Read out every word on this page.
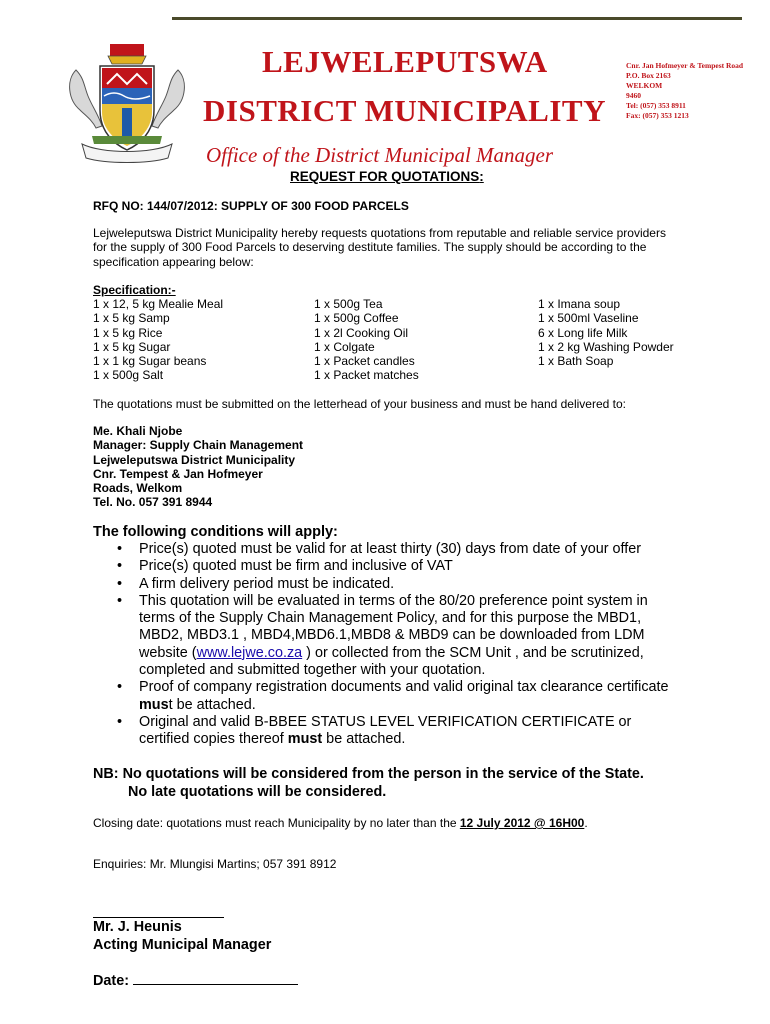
LEJWELEPUTSWA
DISTRICT MUNICIPALITY
Cnr. Jan Hofmeyer & Tempest Road
P.O. Box 2163
WELKOM
9460
Tel: (057) 353 8911
Fax: (057) 353 1213
Office of the District Municipal Manager
REQUEST FOR QUOTATIONS:
RFQ NO: 144/07/2012: SUPPLY OF 300 FOOD PARCELS
Lejweleputswa District Municipality hereby requests quotations from reputable and reliable service providers
for the supply of 300 Food Parcels to deserving destitute families. The supply should be according to the
specification appearing below:
Specification:-
1 x 12, 5 kg Mealie Meal
1 x 5 kg Samp
1 x 5 kg Rice
1 x 5 kg Sugar
1 x 1 kg Sugar beans
1 x 500g Salt
1 x 500g Tea
1 x 500g Coffee
1 x 2l Cooking Oil
1 x Colgate
1 x Packet candles
1 x Packet matches
1 x Imana soup
1 x 500ml Vaseline
6 x Long life Milk
1 x 2 kg Washing Powder
1 x Bath Soap
The quotations must be submitted on the letterhead of your business and must be hand delivered to:
Me. Khali Njobe
Manager: Supply Chain Management
Lejweleputswa District Municipality
Cnr. Tempest & Jan Hofmeyer
Roads, Welkom
Tel. No. 057 391 8944
The following conditions will apply:
• Price(s) quoted must be valid for at least thirty (30) days from date of your offer
• Price(s) quoted must be firm and inclusive of VAT
• A firm delivery period must be indicated.
• This quotation will be evaluated in terms of the 80/20 preference point system in
terms of the Supply Chain Management Policy, and for this purpose the MBD1,
MBD2, MBD3.1 , MBD4,MBD6.1,MBD8 & MBD9 can be downloaded from LDM
website (www.lejwe.co.za ) or collected from the SCM Unit , and be scrutinized,
completed and submitted together with your quotation.
• Proof of company registration documents and valid original tax clearance certificate
must be attached.
• Original and valid B-BBEE STATUS LEVEL VERIFICATION CERTIFICATE or
certified copies thereof must be attached.
NB: No quotations will be considered from the person in the service of the State.
No late quotations will be considered.
Closing date: quotations must reach Municipality by no later than the 12 July 2012 @ 16H00.
Enquiries: Mr. Mlungisi Martins; 057 391 8912
Mr. J. Heunis
Acting Municipal Manager
Date:
